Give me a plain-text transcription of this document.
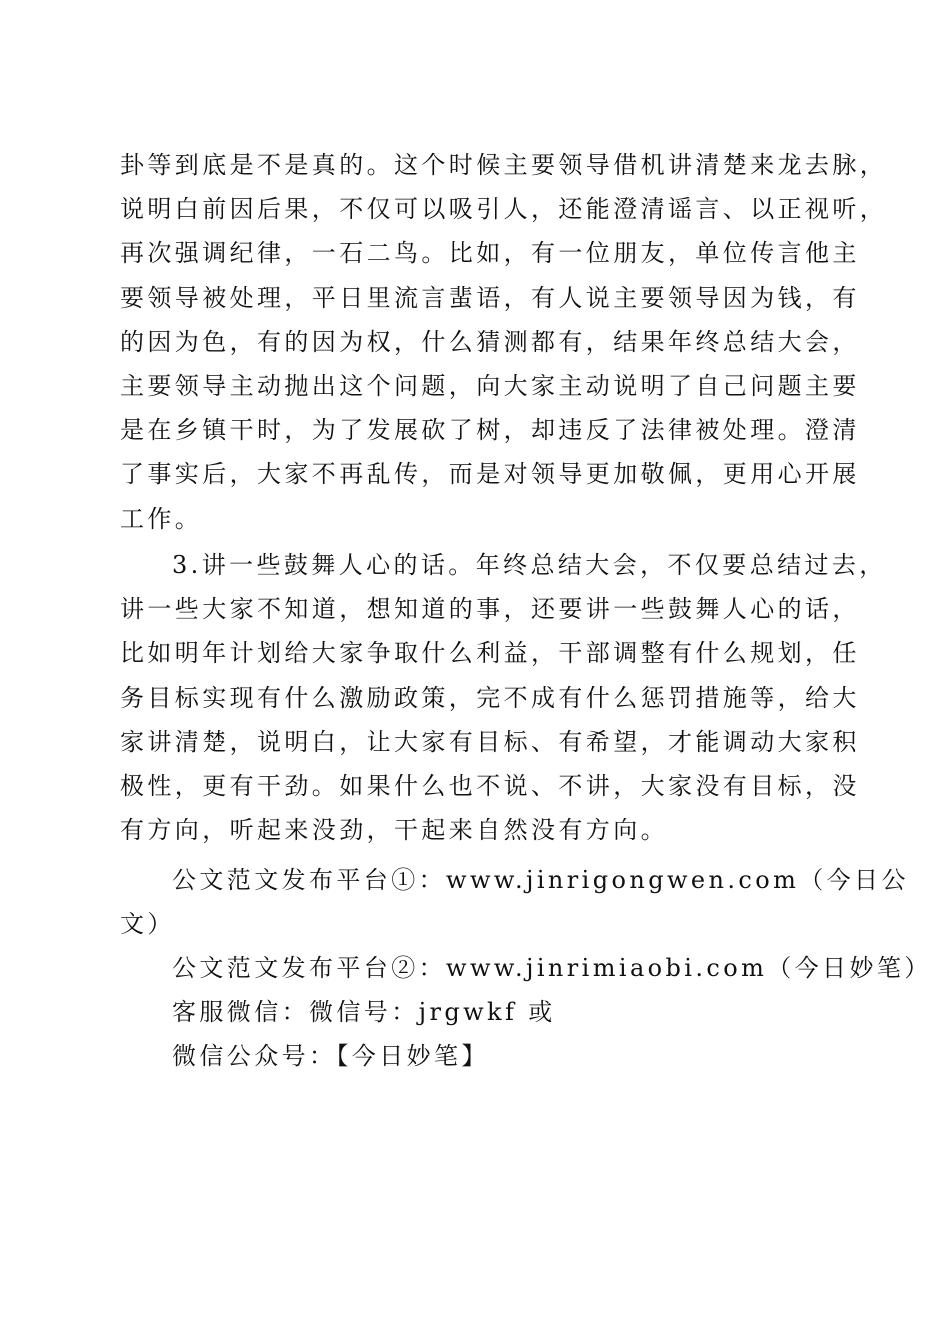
卦等到底是不是真的。这个时候主要领导借机讲清楚来龙去脉，
说明白前因后果，不仅可以吸引人，还能澄清谣言、以正视听，
再次强调纪律，一石二鸟。比如，有一位朋友，单位传言他主
要领导被处理，平日里流言蜚语，有人说主要领导因为钱，有
的因为色，有的因为权，什么猜测都有，结果年终总结大会，
主要领导主动抛出这个问题，向大家主动说明了自己问题主要
是在乡镇干时，为了发展砍了树，却违反了法律被处理。澄清
了事实后，大家不再乱传，而是对领导更加敬佩，更用心开展
工作。
3.讲一些鼓舞人心的话。年终总结大会，不仅要总结过去，
讲一些大家不知道，想知道的事，还要讲一些鼓舞人心的话，
比如明年计划给大家争取什么利益，干部调整有什么规划，任
务目标实现有什么激励政策，完不成有什么惩罚措施等，给大
家讲清楚，说明白，让大家有目标、有希望，才能调动大家积
极性，更有干劲。如果什么也不说、不讲，大家没有目标，没
有方向，听起来没劲，干起来自然没有方向。
公文范文发布平台①：www.jinrigongwen.com（今日公
文）
公文范文发布平台②：www.jinrimiaobi.com（今日妙笔）
客服微信：微信号：jrgwkf 或
微信公众号：【今日妙笔】
